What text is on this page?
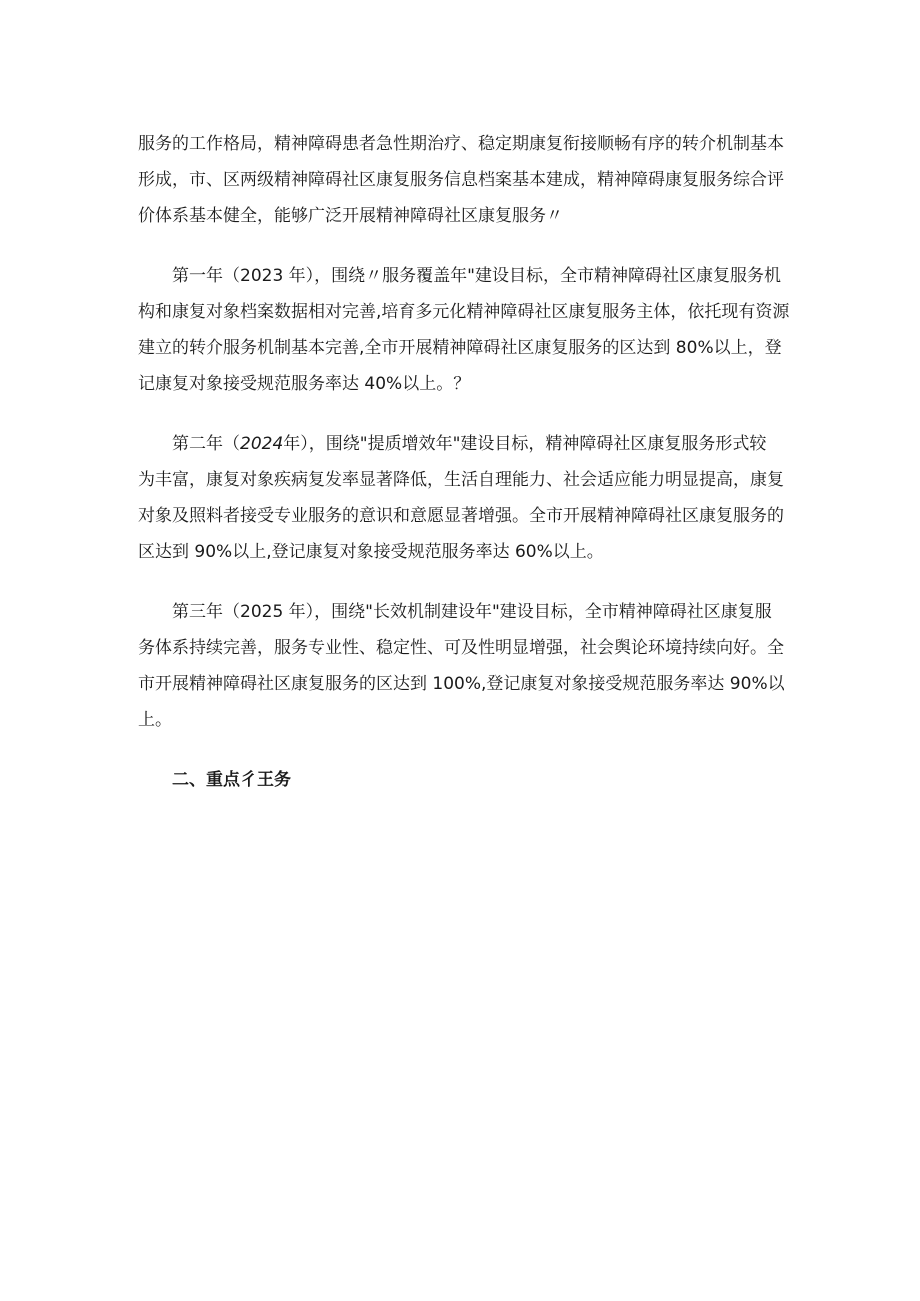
服务的工作格局，精神障碍患者急性期治疗、稳定期康复衔接顺畅有序的转介机制基本
形成，市、区两级精神障碍社区康复服务信息档案基本建成，精神障碍康复服务综合评
价体系基本健全，能够广泛开展精神障碍社区康复服务〃

第一年（2023 年），围绕〃服务覆盖年"建设目标，全市精神障碍社区康复服务机
构和康复对象档案数据相对完善,培育多元化精神障碍社区康复服务主体，依托现有资源
建立的转介服务机制基本完善,全市开展精神障碍社区康复服务的区达到 80%以上，登
记康复对象接受规范服务率达 40%以上。？

第二年（2024年），围绕"提质增效年"建设目标，精神障碍社区康复服务形式较
为丰富，康复对象疾病复发率显著降低，生活自理能力、社会适应能力明显提高，康复
对象及照料者接受专业服务的意识和意愿显著增强。全市开展精神障碍社区康复服务的
区达到 90%以上,登记康复对象接受规范服务率达 60%以上。

第三年（2025 年），围绕"长效机制建设年"建设目标，全市精神障碍社区康复服
务体系持续完善，服务专业性、稳定性、可及性明显增强，社会舆论环境持续向好。全
市开展精神障碍社区康复服务的区达到 100%,登记康复对象接受规范服务率达 90%以
上。

二、重点彳王务
